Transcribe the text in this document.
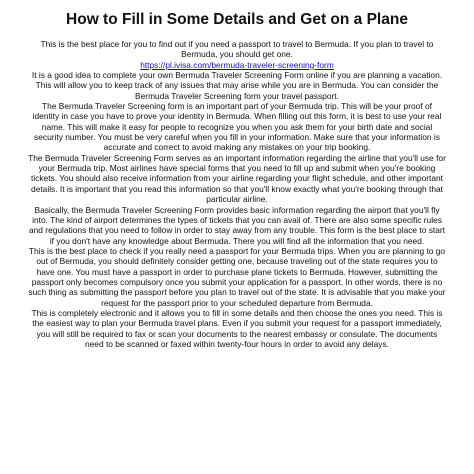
How to Fill in Some Details and Get on a Plane

This is the best place for you to find out if you need a passport to travel to Bermuda. If you plan to travel to Bermuda, you should get one.

https://pl.ivisa.com/bermuda-traveler-screening-form

It is a good idea to complete your own Bermuda Traveler Screening Form online if you are planning a vacation. This will allow you to keep track of any issues that may arise while you are in Bermuda. You can consider the Bermuda Traveler Screening form your travel passport.

The Bermuda Traveler Screening form is an important part of your Bermuda trip. This will be your proof of identity in case you have to prove your identity in Bermuda. When filling out this form, it is best to use your real name. This will make it easy for people to recognize you when you ask them for your birth date and social security number. You must be very careful when you fill in your information. Make sure that your information is accurate and correct to avoid making any mistakes on your trip booking.

The Bermuda Traveler Screening Form serves as an important information regarding the airline that you'll use for your Bermuda trip. Most airlines have special forms that you need to fill up and submit when you're booking tickets. You should also receive information from your airline regarding your flight schedule, and other important details. It is important that you read this information so that you'll know exactly what you're booking through that particular airline.

Basically, the Bermuda Traveler Screening Form provides basic information regarding the airport that you'll fly into. The kind of airport determines the types of tickets that you can avail of. There are also some specific rules and regulations that you need to follow in order to stay away from any trouble. This form is the best place to start if you don't have any knowledge about Bermuda. There you will find all the information that you need.

This is the best place to check if you really need a passport for your Bermuda trips. When you are planning to go out of Bermuda, you should definitely consider getting one, because traveling out of the state requires you to have one. You must have a passport in order to purchase plane tickets to Bermuda. However, submitting the passport only becomes compulsory once you submit your application for a passport. In other words, there is no such thing as submitting the passport before you plan to travel out of the state. It is advisable that you make your request for the passport prior to your scheduled departure from Bermuda.

This is completely electronic and it allows you to fill in some details and then choose the ones you need. This is the easiest way to plan your Bermuda travel plans. Even if you submit your request for a passport immediately, you will still be required to fax or scan your documents to the nearest embassy or consulate. The documents need to be scanned or faxed within twenty-four hours in order to avoid any delays.
